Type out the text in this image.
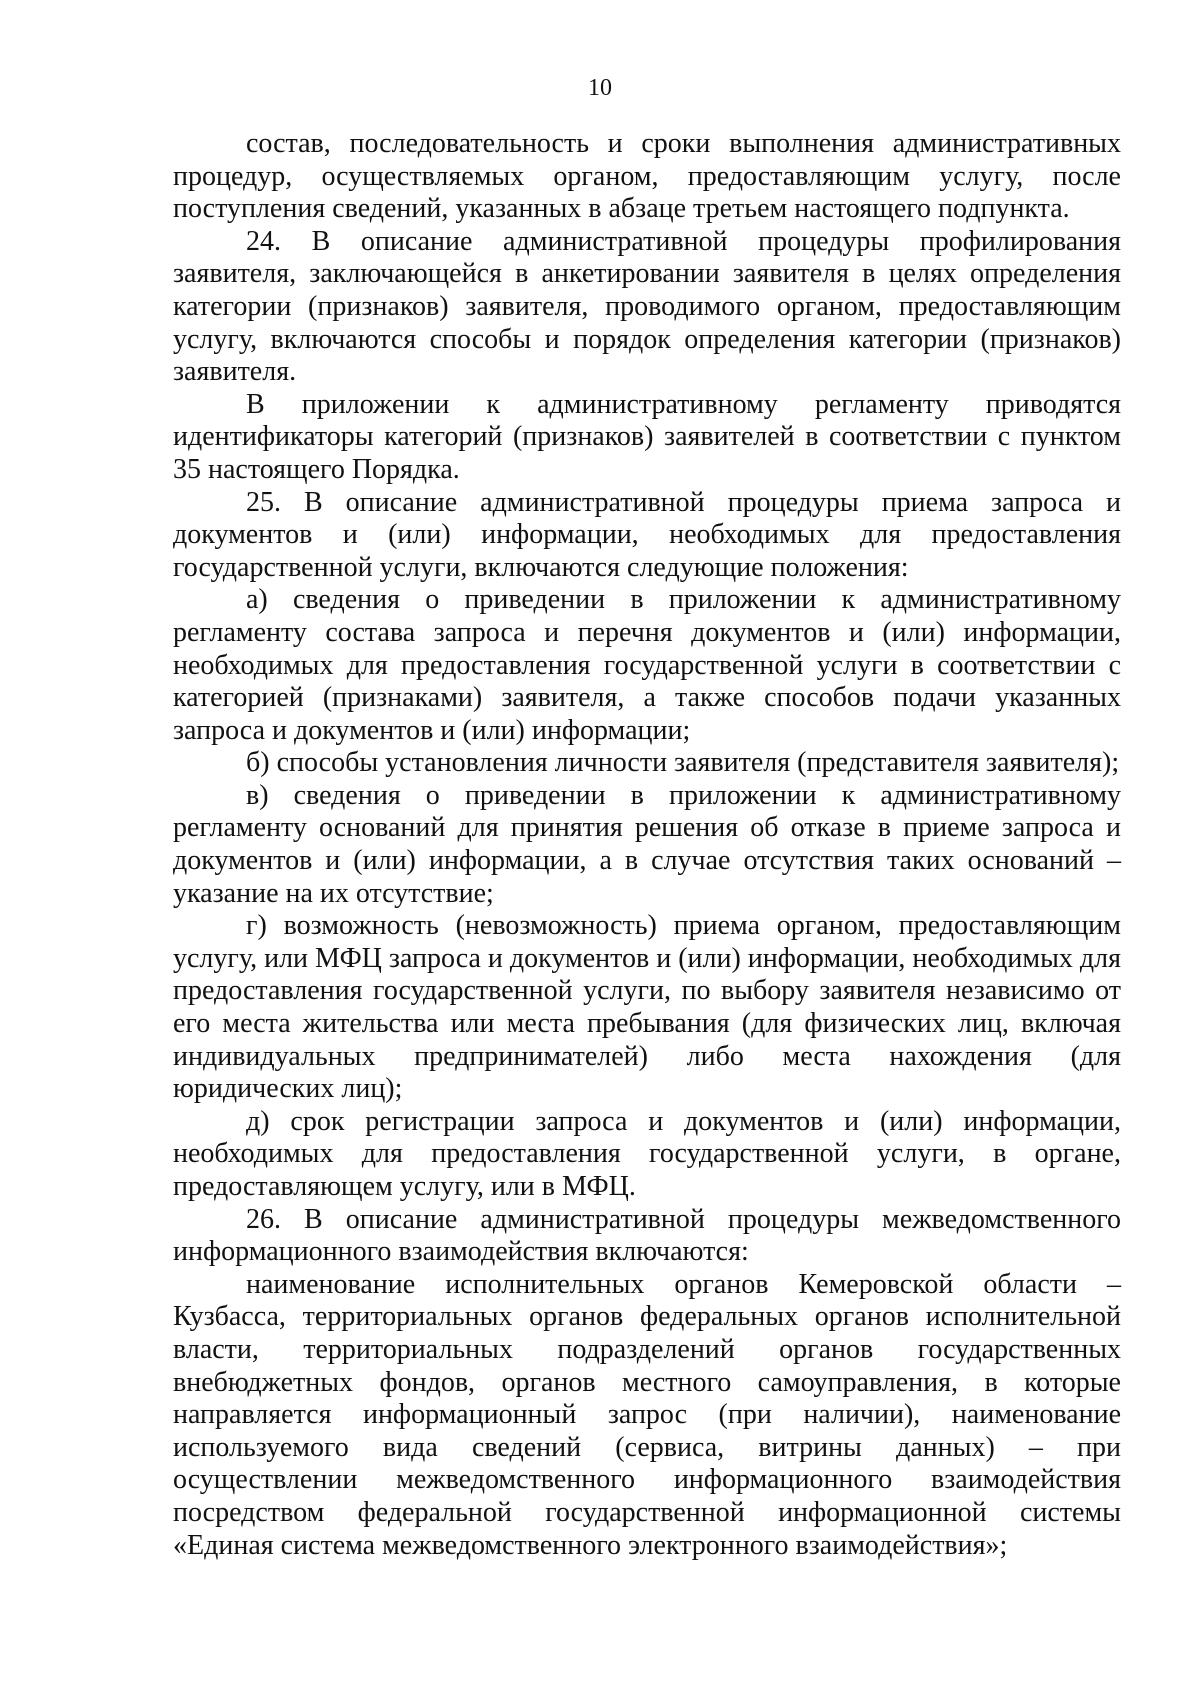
10

состав, последовательность и сроки выполнения административных процедур, осуществляемых органом, предоставляющим услугу, после поступления сведений, указанных в абзаце третьем настоящего подпункта.

24. В описание административной процедуры профилирования заявителя, заключающейся в анкетировании заявителя в целях определения категории (признаков) заявителя, проводимого органом, предоставляющим услугу, включаются способы и порядок определения категории (признаков) заявителя.

В приложении к административному регламенту приводятся идентификаторы категорий (признаков) заявителей в соответствии с пунктом 35 настоящего Порядка.

25. В описание административной процедуры приема запроса и документов и (или) информации, необходимых для предоставления государственной услуги, включаются следующие положения:

а) сведения о приведении в приложении к административному регламенту состава запроса и перечня документов и (или) информации, необходимых для предоставления государственной услуги в соответствии с категорией (признаками) заявителя, а также способов подачи указанных запроса и документов и (или) информации;

б) способы установления личности заявителя (представителя заявителя);

в) сведения о приведении в приложении к административному регламенту оснований для принятия решения об отказе в приеме запроса и документов и (или) информации, а в случае отсутствия таких оснований – указание на их отсутствие;

г) возможность (невозможность) приема органом, предоставляющим услугу, или МФЦ запроса и документов и (или) информации, необходимых для предоставления государственной услуги, по выбору заявителя независимо от его места жительства или места пребывания (для физических лиц, включая индивидуальных предпринимателей) либо места нахождения (для юридических лиц);

д) срок регистрации запроса и документов и (или) информации, необходимых для предоставления государственной услуги, в органе, предоставляющем услугу, или в МФЦ.

26. В описание административной процедуры межведомственного информационного взаимодействия включаются:

наименование исполнительных органов Кемеровской области – Кузбасса, территориальных органов федеральных органов исполнительной власти, территориальных подразделений органов государственных внебюджетных фондов, органов местного самоуправления, в которые направляется информационный запрос (при наличии), наименование используемого вида сведений (сервиса, витрины данных) – при осуществлении межведомственного информационного взаимодействия посредством федеральной государственной информационной системы «Единая система межведомственного электронного взаимодействия»;
